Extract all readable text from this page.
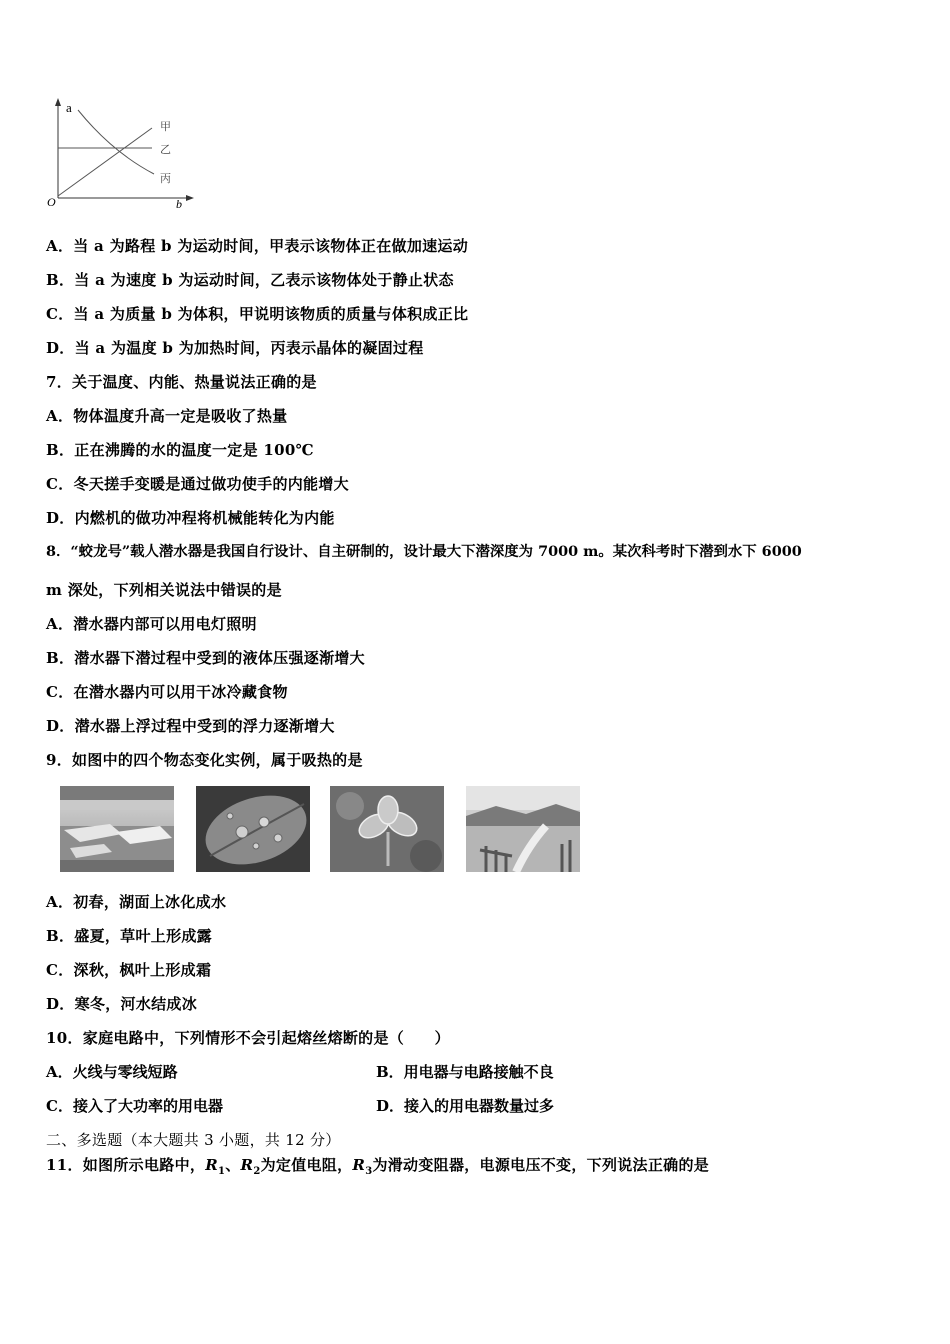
a
O	b
甲
乙
丙
A．当 a 为路程 b 为运动时间，甲表示该物体正在做加速运动
B．当 a 为速度 b 为运动时间，乙表示该物体处于静止状态
C．当 a 为质量 b 为体积，甲说明该物质的质量与体积成正比
D．当 a 为温度 b 为加热时间，丙表示晶体的凝固过程
7．关于温度、内能、热量说法正确的是
A．物体温度升高一定是吸收了热量
B．正在沸腾的水的温度一定是 100℃
C．冬天搓手变暖是通过做功使手的内能增大
D．内燃机的做功冲程将机械能转化为内能
8．“蛟龙号”载人潜水器是我国自行设计、自主研制的，设计最大下潜深度为 7000 m。某次科考时下潜到水下 6000
m 深处，下列相关说法中错误的是
A．潜水器内部可以用电灯照明
B．潜水器下潜过程中受到的液体压强逐渐增大
C．在潜水器内可以用干冰冷藏食物
D．潜水器上浮过程中受到的浮力逐渐增大
9．如图中的四个物态变化实例，属于吸热的是
A．初春，湖面上冰化成水
B．盛夏，草叶上形成露
C．深秋，枫叶上形成霜
D．寒冬，河水结成冰
10．家庭电路中，下列情形不会引起熔丝熔断的是（　　）
A．火线与零线短路	B．用电器与电路接触不良
C．接入了大功率的用电器	D．接入的用电器数量过多
二、多选题（本大题共 3 小题，共 12 分）
11．如图所示电路中，$R_1$、$R_2$为定值电阻，$R_3$为滑动变阻器，电源电压不变，下列说法正确的是
